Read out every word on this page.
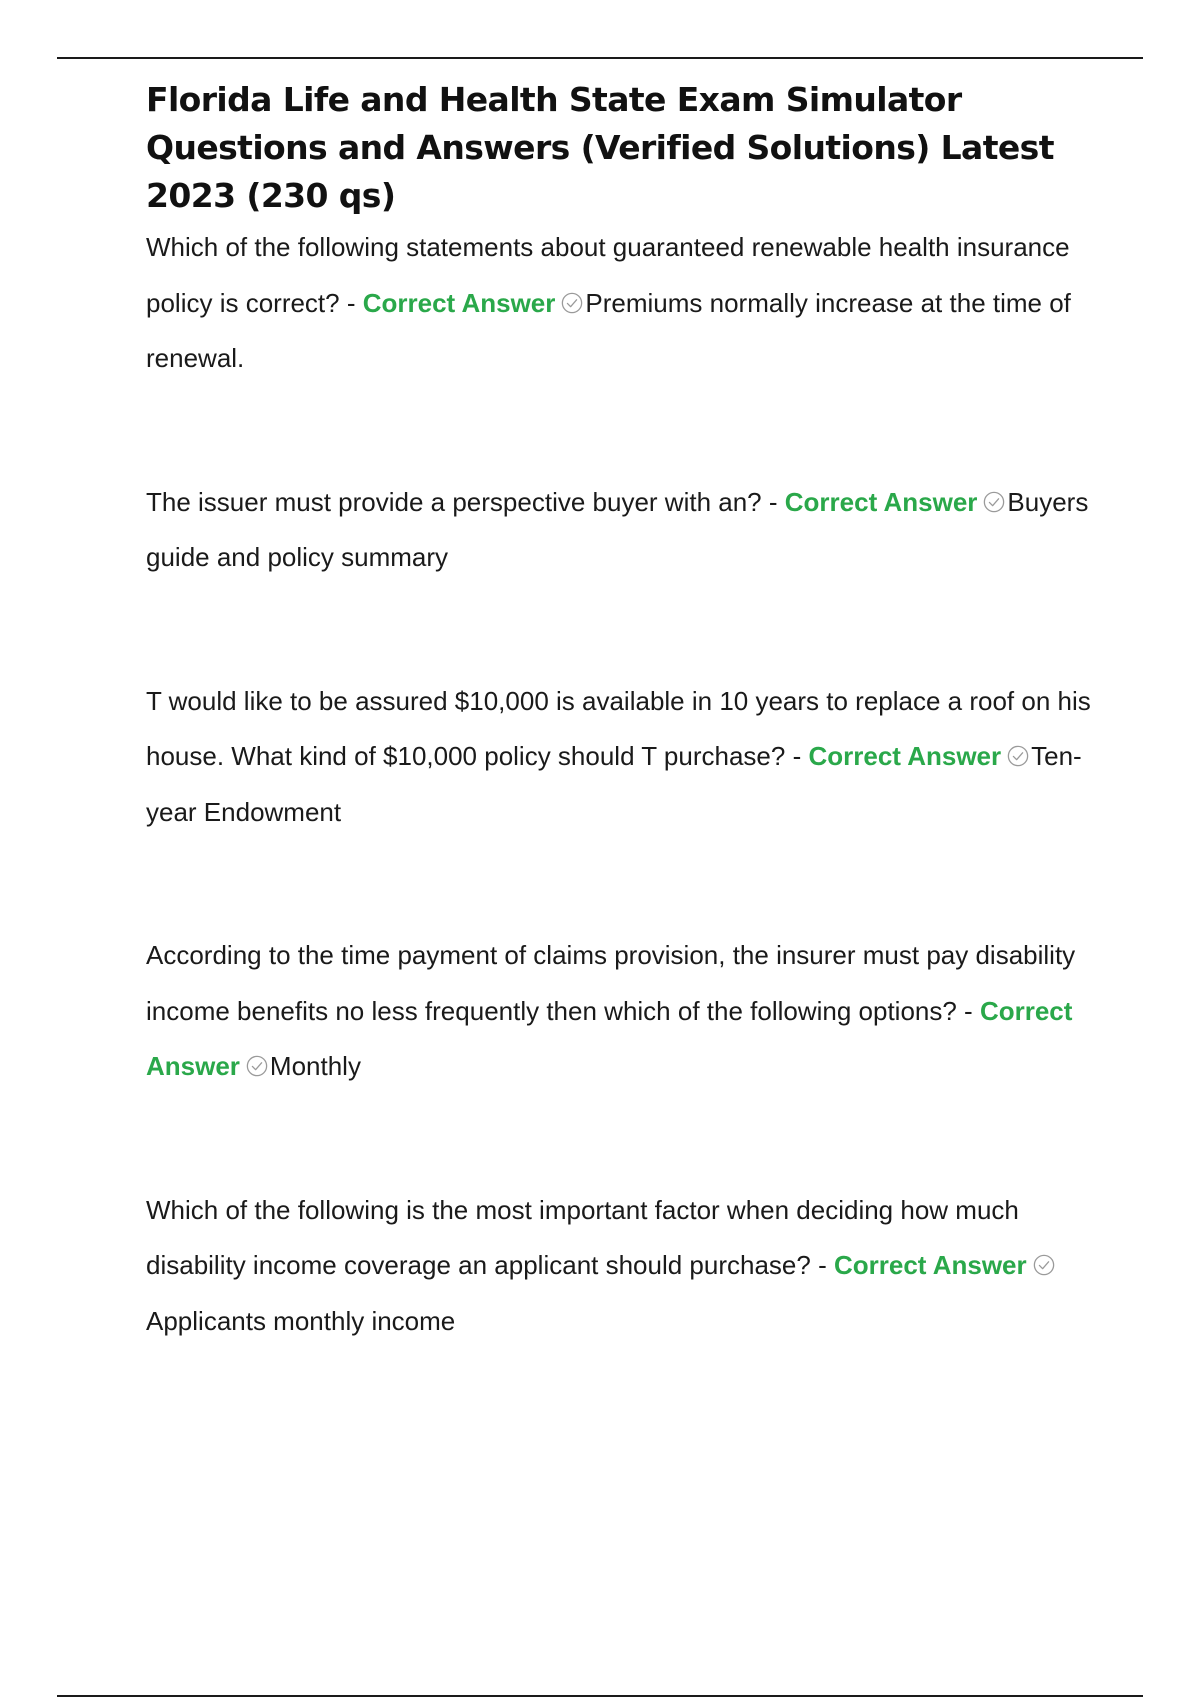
Florida Life and Health State Exam Simulator Questions and Answers (Verified Solutions) Latest 2023 (230 qs)
Which of the following statements about guaranteed renewable health insurance policy is correct? - Correct Answer Premiums normally increase at the time of renewal.
The issuer must provide a perspective buyer with an? - Correct Answer Buyers guide and policy summary
T would like to be assured $10,000 is available in 10 years to replace a roof on his house. What kind of $10,000 policy should T purchase? - Correct Answer Ten-year Endowment
According to the time payment of claims provision, the insurer must pay disability income benefits no less frequently then which of the following options? - Correct Answer Monthly
Which of the following is the most important factor when deciding how much disability income coverage an applicant should purchase? - Correct AnswerApplicants monthly income
